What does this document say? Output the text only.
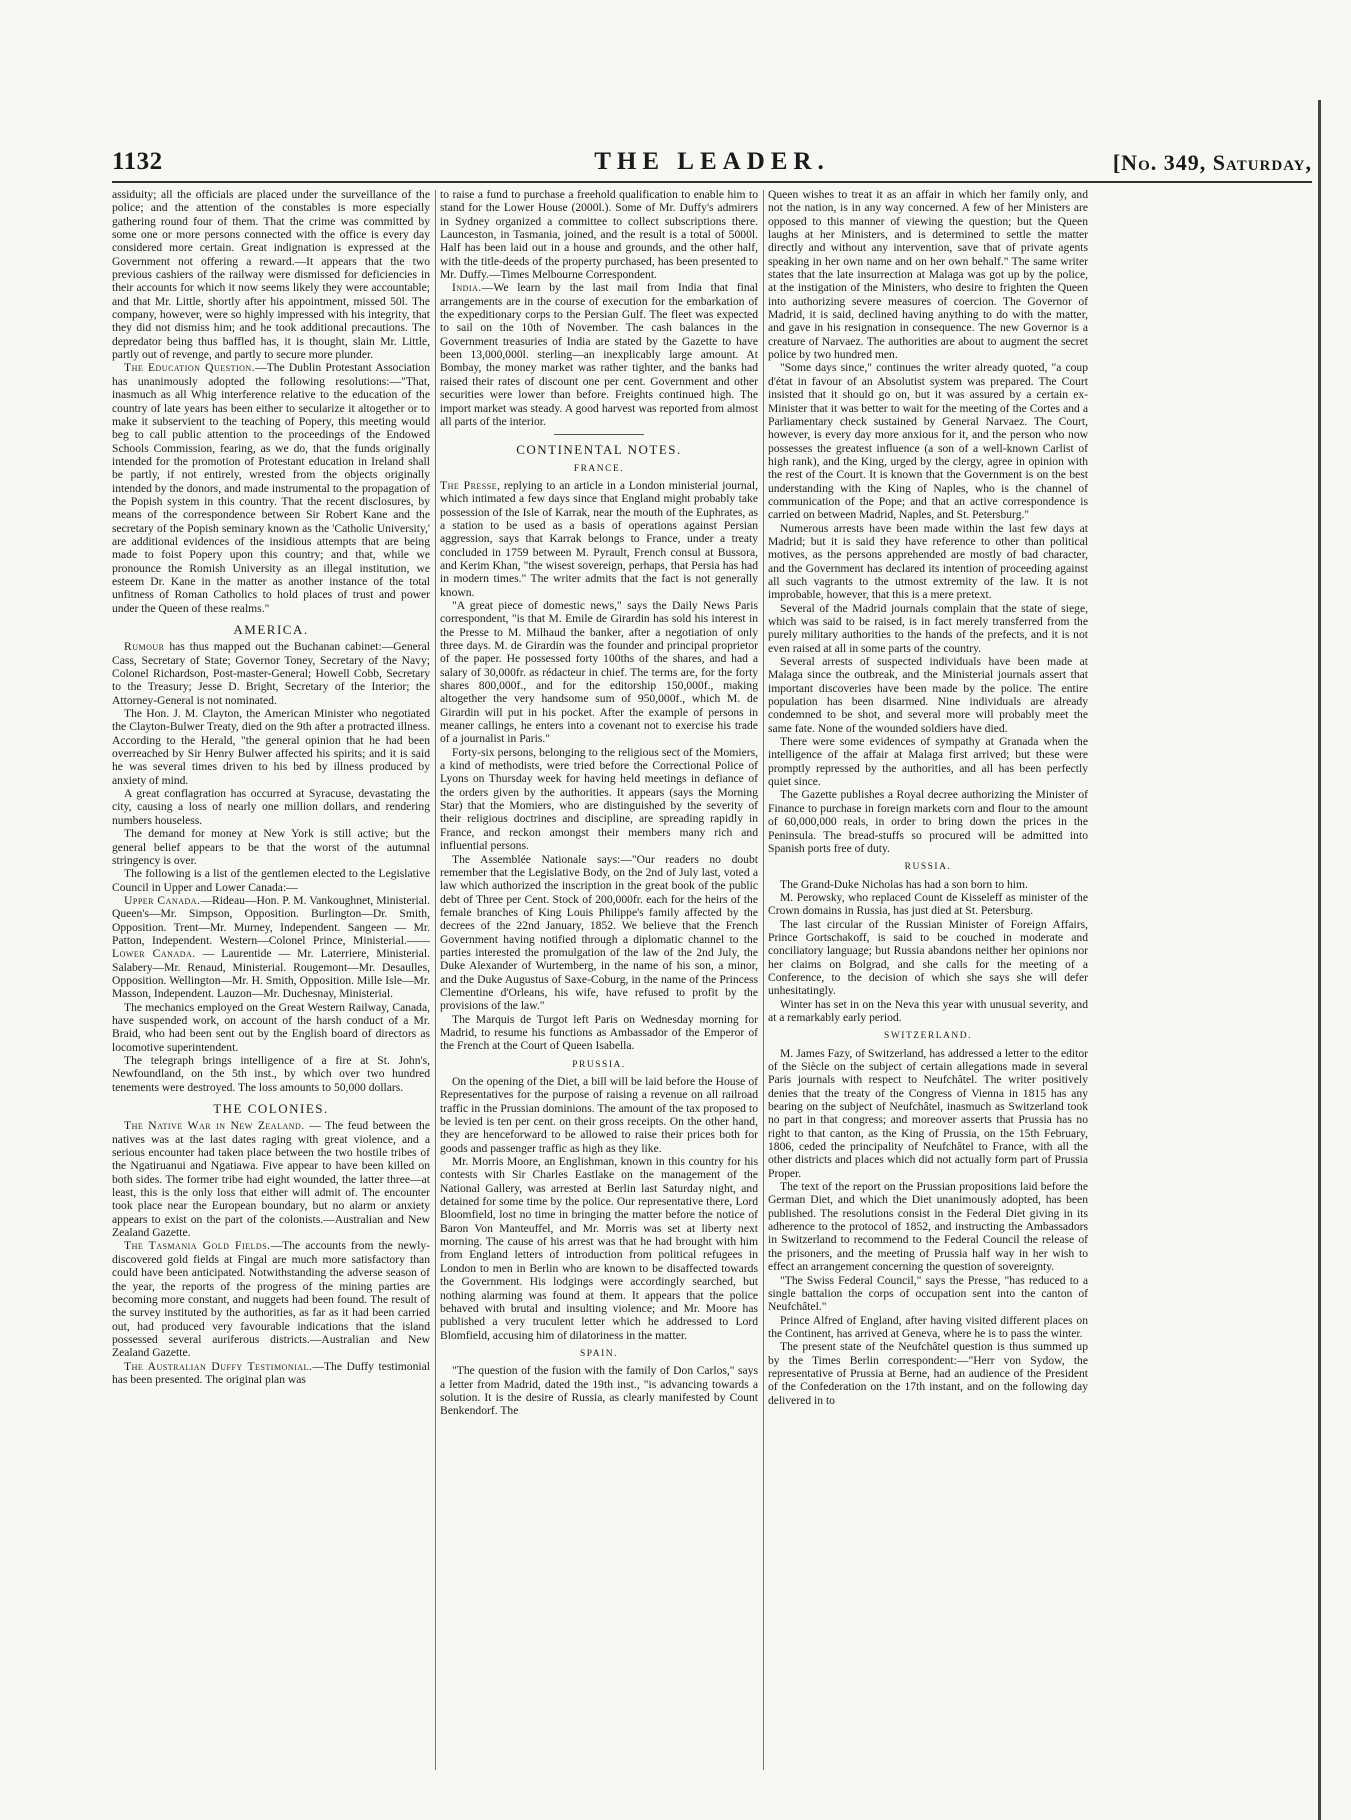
1132	THE LEADER.	[No. 349, Saturday,

assiduity; all the officials are placed under the surveillance of the police; and the attention of the constables is more especially gathering round four of them. That the crime was committed by some one or more persons connected with the office is every day considered more certain. Great indignation is expressed at the Government not offering a reward.—It appears that the two previous cashiers of the railway were dismissed for deficiencies in their accounts for which it now seems likely they were accountable; and that Mr. Little, shortly after his appointment, missed 50l. The company, however, were so highly impressed with his integrity, that they did not dismiss him; and he took additional precautions. The depredator being thus baffled has, it is thought, slain Mr. Little, partly out of revenge, and partly to secure more plunder.

The Education Question.—The Dublin Protestant Association has unanimously adopted the following resolutions:—"That, inasmuch as all Whig interference relative to the education of the country of late years has been either to secularize it altogether or to make it subservient to the teaching of Popery, this meeting would beg to call public attention to the proceedings of the Endowed Schools Commission, fearing, as we do, that the funds originally intended for the promotion of Protestant education in Ireland shall be partly, if not entirely, wrested from the objects originally intended by the donors, and made instrumental to the propagation of the Popish system in this country. That the recent disclosures, by means of the correspondence between Sir Robert Kane and the secretary of the Popish seminary known as the 'Catholic University,' are additional evidences of the insidious attempts that are being made to foist Popery upon this country; and that, while we pronounce the Romish University as an illegal institution, we esteem Dr. Kane in the matter as another instance of the total unfitness of Roman Catholics to hold places of trust and power under the Queen of these realms."

AMERICA.

Rumour has thus mapped out the Buchanan cabinet:—General Cass, Secretary of State; Governor Toney, Secretary of the Navy; Colonel Richardson, Post-master-General; Howell Cobb, Secretary to the Treasury; Jesse D. Bright, Secretary of the Interior; the Attorney-General is not nominated.

The Hon. J. M. Clayton, the American Minister who negotiated the Clayton-Bulwer Treaty, died on the 9th after a protracted illness. According to the Herald, "the general opinion that he had been overreached by Sir Henry Bulwer affected his spirits; and it is said he was several times driven to his bed by illness produced by anxiety of mind.

A great conflagration has occurred at Syracuse, devastating the city, causing a loss of nearly one million dollars, and rendering numbers houseless.

The demand for money at New York is still active; but the general belief appears to be that the worst of the autumnal stringency is over.

The following is a list of the gentlemen elected to the Legislative Council in Upper and Lower Canada:—

Upper Canada.—Rideau—Hon. P. M. Vankoughnet, Ministerial. Queen's—Mr. Simpson, Opposition. Burlington—Dr. Smith, Opposition. Trent—Mr. Murney, Independent. Sangeen — Mr. Patton, Independent. Western—Colonel Prince, Ministerial.——Lower Canada. — Laurentide — Mr. Laterriere, Ministerial. Salabery—Mr. Renaud, Ministerial. Rougemont—Mr. Desaulles, Opposition. Wellington—Mr. H. Smith, Opposition. Mille Isle—Mr. Masson, Independent. Lauzon—Mr. Duchesnay, Ministerial.

The mechanics employed on the Great Western Railway, Canada, have suspended work, on account of the harsh conduct of a Mr. Braid, who had been sent out by the English board of directors as locomotive superintendent.

The telegraph brings intelligence of a fire at St. John's, Newfoundland, on the 5th inst., by which over two hundred tenements were destroyed. The loss amounts to 50,000 dollars.

THE COLONIES.

The Native War in New Zealand. — The feud between the natives was at the last dates raging with great violence, and a serious encounter had taken place between the two hostile tribes of the Ngatiruanui and Ngatiawa. Five appear to have been killed on both sides. The former tribe had eight wounded, the latter three—at least, this is the only loss that either will admit of. The encounter took place near the European boundary, but no alarm or anxiety appears to exist on the part of the colonists.—Australian and New Zealand Gazette.

The Tasmania Gold Fields.—The accounts from the newly-discovered gold fields at Fingal are much more satisfactory than could have been anticipated. Notwithstanding the adverse season of the year, the reports of the progress of the mining parties are becoming more constant, and nuggets had been found. The result of the survey instituted by the authorities, as far as it had been carried out, had produced very favourable indications that the island possessed several auriferous districts.—Australian and New Zealand Gazette.

The Australian Duffy Testimonial.—The Duffy testimonial has been presented. The original plan was

to raise a fund to purchase a freehold qualification to enable him to stand for the Lower House (2000l.). Some of Mr. Duffy's admirers in Sydney organized a committee to collect subscriptions there. Launceston, in Tasmania, joined, and the result is a total of 5000l. Half has been laid out in a house and grounds, and the other half, with the title-deeds of the property purchased, has been presented to Mr. Duffy.—Times Melbourne Correspondent.

India.—We learn by the last mail from India that final arrangements are in the course of execution for the embarkation of the expeditionary corps to the Persian Gulf. The fleet was expected to sail on the 10th of November. The cash balances in the Government treasuries of India are stated by the Gazette to have been 13,000,000l. sterling—an inexplicably large amount. At Bombay, the money market was rather tighter, and the banks had raised their rates of discount one per cent. Government and other securities were lower than before. Freights continued high. The import market was steady. A good harvest was reported from almost all parts of the interior.

CONTINENTAL NOTES.
FRANCE.

The Presse, replying to an article in a London ministerial journal, which intimated a few days since that England might probably take possession of the Isle of Karrak, near the mouth of the Euphrates, as a station to be used as a basis of operations against Persian aggression, says that Karrak belongs to France, under a treaty concluded in 1759 between M. Pyrault, French consul at Bussora, and Kerim Khan, "the wisest sovereign, perhaps, that Persia has had in modern times." The writer admits that the fact is not generally known.

"A great piece of domestic news," says the Daily News Paris correspondent, "is that M. Emile de Girardin has sold his interest in the Presse to M. Milhaud the banker, after a negotiation of only three days. M. de Girardin was the founder and principal proprietor of the paper. He possessed forty 100ths of the shares, and had a salary of 30,000fr. as rédacteur in chief. The terms are, for the forty shares 800,000f., and for the editorship 150,000f., making altogether the very handsome sum of 950,000f., which M. de Girardin will put in his pocket. After the example of persons in meaner callings, he enters into a covenant not to exercise his trade of a journalist in Paris."

Forty-six persons, belonging to the religious sect of the Momiers, a kind of methodists, were tried before the Correctional Police of Lyons on Thursday week for having held meetings in defiance of the orders given by the authorities. It appears (says the Morning Star) that the Momiers, who are distinguished by the severity of their religious doctrines and discipline, are spreading rapidly in France, and reckon amongst their members many rich and influential persons.

The Assemblée Nationale says:—"Our readers no doubt remember that the Legislative Body, on the 2nd of July last, voted a law which authorized the inscription in the great book of the public debt of Three per Cent. Stock of 200,000fr. each for the heirs of the female branches of King Louis Philippe's family affected by the decrees of the 22nd January, 1852. We believe that the French Government having notified through a diplomatic channel to the parties interested the promulgation of the law of the 2nd July, the Duke Alexander of Wurtemberg, in the name of his son, a minor, and the Duke Augustus of Saxe-Coburg, in the name of the Princess Clementine d'Orleans, his wife, have refused to profit by the provisions of the law."

The Marquis de Turgot left Paris on Wednesday morning for Madrid, to resume his functions as Ambassador of the Emperor of the French at the Court of Queen Isabella.

PRUSSIA.

On the opening of the Diet, a bill will be laid before the House of Representatives for the purpose of raising a revenue on all railroad traffic in the Prussian dominions. The amount of the tax proposed to be levied is ten per cent. on their gross receipts. On the other hand, they are henceforward to be allowed to raise their prices both for goods and passenger traffic as high as they like.

Mr. Morris Moore, an Englishman, known in this country for his contests with Sir Charles Eastlake on the management of the National Gallery, was arrested at Berlin last Saturday night, and detained for some time by the police. Our representative there, Lord Bloomfield, lost no time in bringing the matter before the notice of Baron Von Manteuffel, and Mr. Morris was set at liberty next morning. The cause of his arrest was that he had brought with him from England letters of introduction from political refugees in London to men in Berlin who are known to be disaffected towards the Government. His lodgings were accordingly searched, but nothing alarming was found at them. It appears that the police behaved with brutal and insulting violence; and Mr. Moore has published a very truculent letter which he addressed to Lord Blomfield, accusing him of dilatoriness in the matter.

SPAIN.

"The question of the fusion with the family of Don Carlos," says a letter from Madrid, dated the 19th inst., "is advancing towards a solution. It is the desire of Russia, as clearly manifested by Count Benkendorf. The

Queen wishes to treat it as an affair in which her family only, and not the nation, is in any way concerned. A few of her Ministers are opposed to this manner of viewing the question; but the Queen laughs at her Ministers, and is determined to settle the matter directly and without any intervention, save that of private agents speaking in her own name and on her own behalf." The same writer states that the late insurrection at Malaga was got up by the police, at the instigation of the Ministers, who desire to frighten the Queen into authorizing severe measures of coercion. The Governor of Madrid, it is said, declined having anything to do with the matter, and gave in his resignation in consequence. The new Governor is a creature of Narvaez. The authorities are about to augment the secret police by two hundred men.

"Some days since," continues the writer already quoted, "a coup d'état in favour of an Absolutist system was prepared. The Court insisted that it should go on, but it was assured by a certain ex-Minister that it was better to wait for the meeting of the Cortes and a Parliamentary check sustained by General Narvaez. The Court, however, is every day more anxious for it, and the person who now possesses the greatest influence (a son of a well-known Carlist of high rank), and the King, urged by the clergy, agree in opinion with the rest of the Court. It is known that the Government is on the best understanding with the King of Naples, who is the channel of communication of the Pope; and that an active correspondence is carried on between Madrid, Naples, and St. Petersburg."

Numerous arrests have been made within the last few days at Madrid; but it is said they have reference to other than political motives, as the persons apprehended are mostly of bad character, and the Government has declared its intention of proceeding against all such vagrants to the utmost extremity of the law. It is not improbable, however, that this is a mere pretext.

Several of the Madrid journals complain that the state of siege, which was said to be raised, is in fact merely transferred from the purely military authorities to the hands of the prefects, and it is not even raised at all in some parts of the country.

Several arrests of suspected individuals have been made at Malaga since the outbreak, and the Ministerial journals assert that important discoveries have been made by the police. The entire population has been disarmed. Nine individuals are already condemned to be shot, and several more will probably meet the same fate. None of the wounded soldiers have died.

There were some evidences of sympathy at Granada when the intelligence of the affair at Malaga first arrived; but these were promptly repressed by the authorities, and all has been perfectly quiet since.

The Gazette publishes a Royal decree authorizing the Minister of Finance to purchase in foreign markets corn and flour to the amount of 60,000,000 reals, in order to bring down the prices in the Peninsula. The bread-stuffs so procured will be admitted into Spanish ports free of duty.

RUSSIA.

The Grand-Duke Nicholas has had a son born to him.

M. Perowsky, who replaced Count de Kisseleff as minister of the Crown domains in Russia, has just died at St. Petersburg.

The last circular of the Russian Minister of Foreign Affairs, Prince Gortschakoff, is said to be couched in moderate and conciliatory language; but Russia abandons neither her opinions nor her claims on Bolgrad, and she calls for the meeting of a Conference, to the decision of which she says she will defer unhesitatingly.

Winter has set in on the Neva this year with unusual severity, and at a remarkably early period.

SWITZERLAND.

M. James Fazy, of Switzerland, has addressed a letter to the editor of the Siècle on the subject of certain allegations made in several Paris journals with respect to Neufchâtel. The writer positively denies that the treaty of the Congress of Vienna in 1815 has any bearing on the subject of Neufchâtel, inasmuch as Switzerland took no part in that congress; and moreover asserts that Prussia has no right to that canton, as the King of Prussia, on the 15th February, 1806, ceded the principality of Neufchâtel to France, with all the other districts and places which did not actually form part of Prussia Proper.

The text of the report on the Prussian propositions laid before the German Diet, and which the Diet unanimously adopted, has been published. The resolutions consist in the Federal Diet giving in its adherence to the protocol of 1852, and instructing the Ambassadors in Switzerland to recommend to the Federal Council the release of the prisoners, and the meeting of Prussia half way in her wish to effect an arrangement concerning the question of sovereignty.

"The Swiss Federal Council," says the Presse, "has reduced to a single battalion the corps of occupation sent into the canton of Neufchâtel."

Prince Alfred of England, after having visited different places on the Continent, has arrived at Geneva, where he is to pass the winter.

The present state of the Neufchâtel question is thus summed up by the Times Berlin correspondent:—"Herr von Sydow, the representative of Prussia at Berne, had an audience of the President of the Confederation on the 17th instant, and on the following day delivered in to
